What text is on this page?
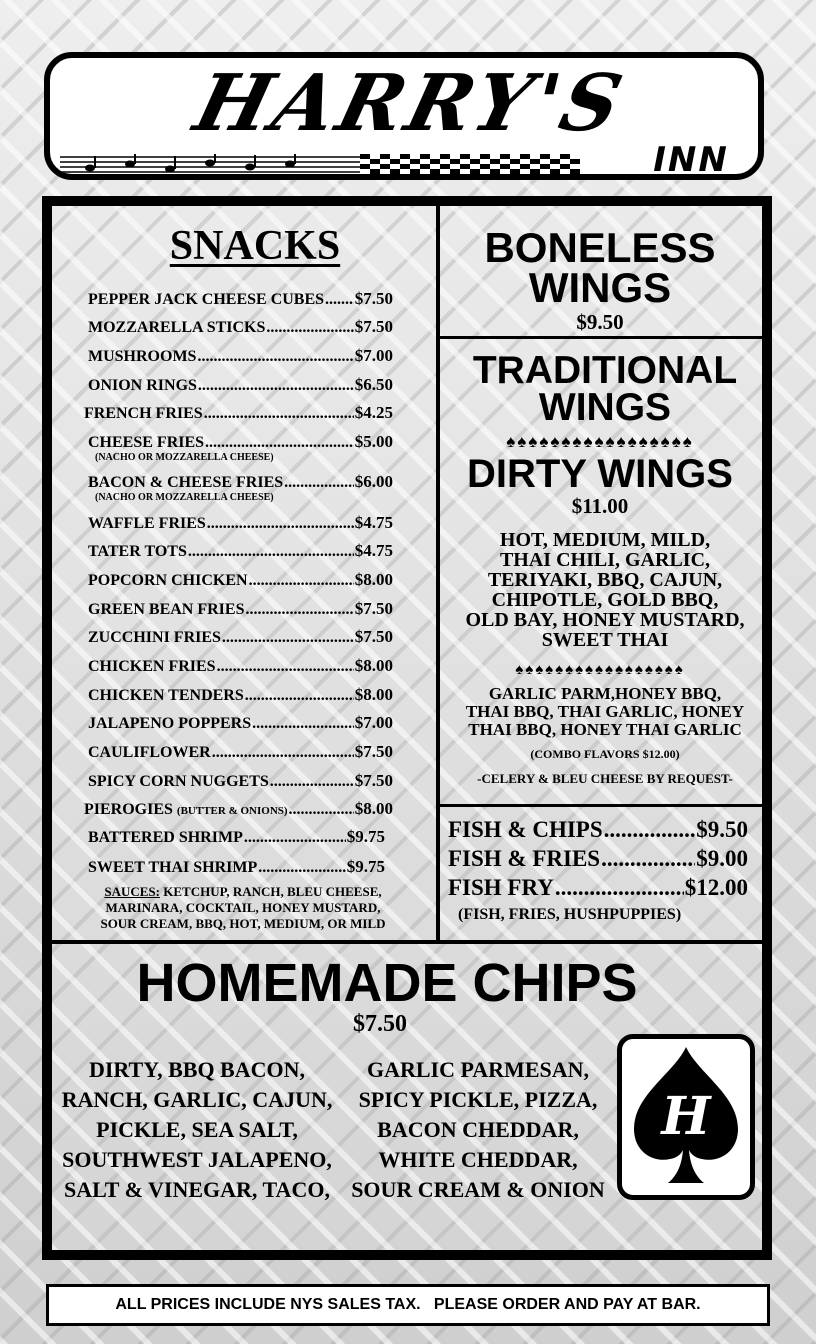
HARRY'S
INN
SNACKS
PEPPER JACK CHEESE CUBES ..... $7.50
MOZZARELLA STICKS .....	$7.50
MUSHROOMS .....	$7.00
ONION RINGS .....	$6.50
FRENCH FRIES .....	$4.25
CHEESE FRIES .....	$5.00
(NACHO OR MOZZARELLA CHEESE)
BACON & CHEESE FRIES .....	$6.00
(NACHO OR MOZZARELLA CHEESE)
WAFFLE FRIES .....	$4.75
TATER TOTS .....	$4.75
POPCORN CHICKEN .....	$8.00
GREEN BEAN FRIES .....	$7.50
ZUCCHINI FRIES .....	$7.50
CHICKEN FRIES .....	$8.00
CHICKEN TENDERS .....	$8.00
JALAPENO POPPERS .....	$7.00
CAULIFLOWER .....	$7.50
SPICY CORN NUGGETS .....	$7.50
PIEROGIES (BUTTER & ONIONS) .....	$8.00
BATTERED SHRIMP .....	$9.75
SWEET THAI SHRIMP .....	$9.75
SAUCES: KETCHUP, RANCH, BLEU CHEESE,
MARINARA, COCKTAIL, HONEY MUSTARD,
SOUR CREAM, BBQ, HOT, MEDIUM, OR MILD
BONELESS
WINGS
$9.50
TRADITIONAL
WINGS
♠♠♠♠♠♠♠♠♠♠♠♠♠♠♠♠♠
DIRTY WINGS
$11.00
HOT, MEDIUM, MILD,
THAI CHILI, GARLIC,
TERIYAKI, BBQ, CAJUN,
CHIPOTLE, GOLD BBQ,
OLD BAY, HONEY MUSTARD,
SWEET THAI
♠♠♠♠♠♠♠♠♠♠♠♠♠♠♠♠♠
GARLIC PARM,HONEY BBQ,
THAI BBQ, THAI GARLIC, HONEY
THAI BBQ, HONEY THAI GARLIC
(COMBO FLAVORS $12.00)
-CELERY & BLEU CHEESE BY REQUEST-
FISH & CHIPS .....	$9.50
FISH & FRIES .....	$9.00
FISH FRY .....	$12.00
(FISH, FRIES, HUSHPUPPIES)
HOMEMADE CHIPS
$7.50
DIRTY, BBQ BACON,
RANCH, GARLIC, CAJUN,
PICKLE, SEA SALT,
SOUTHWEST JALAPENO,
SALT & VINEGAR, TACO,
GARLIC PARMESAN,
SPICY PICKLE, PIZZA,
BACON CHEDDAR,
WHITE CHEDDAR,
SOUR CREAM & ONION
H
ALL PRICES INCLUDE NYS SALES TAX.   PLEASE ORDER AND PAY AT BAR.
